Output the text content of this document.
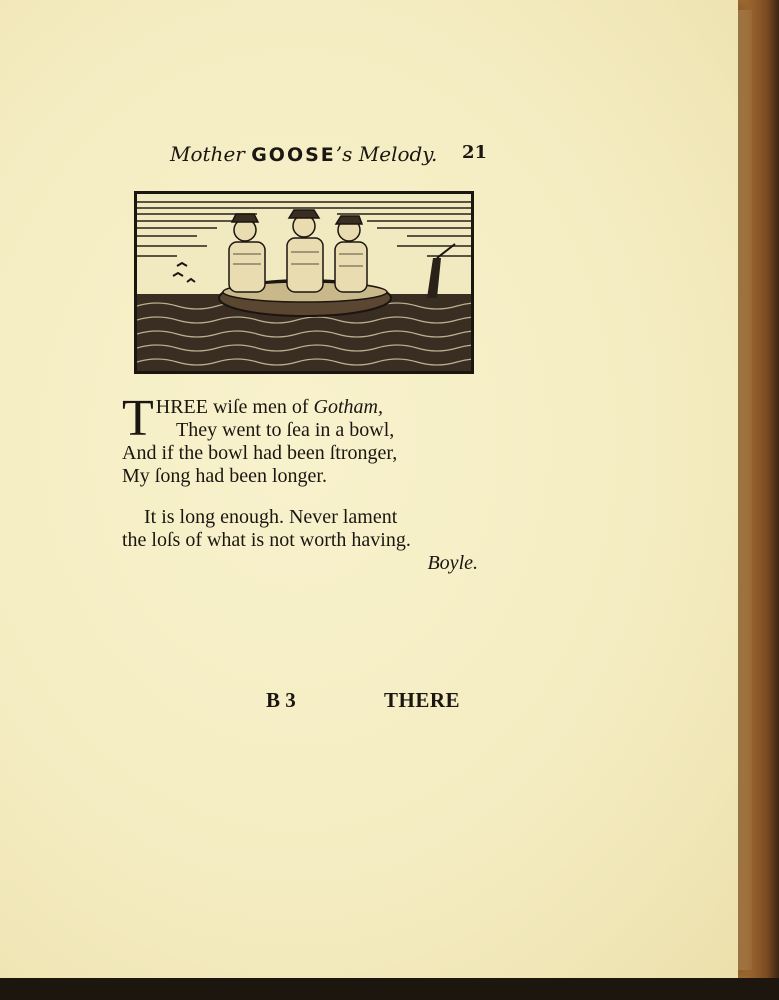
Mother GOOSE’s Melody. 21
T HREE wiſe men of Gotham,
They went to ſea in a bowl,
And if the bowl had been ſtronger,
My ſong had been longer.
It is long enough. Never lament
the loſs of what is not worth having.
Boyle.
B 3	THERE
